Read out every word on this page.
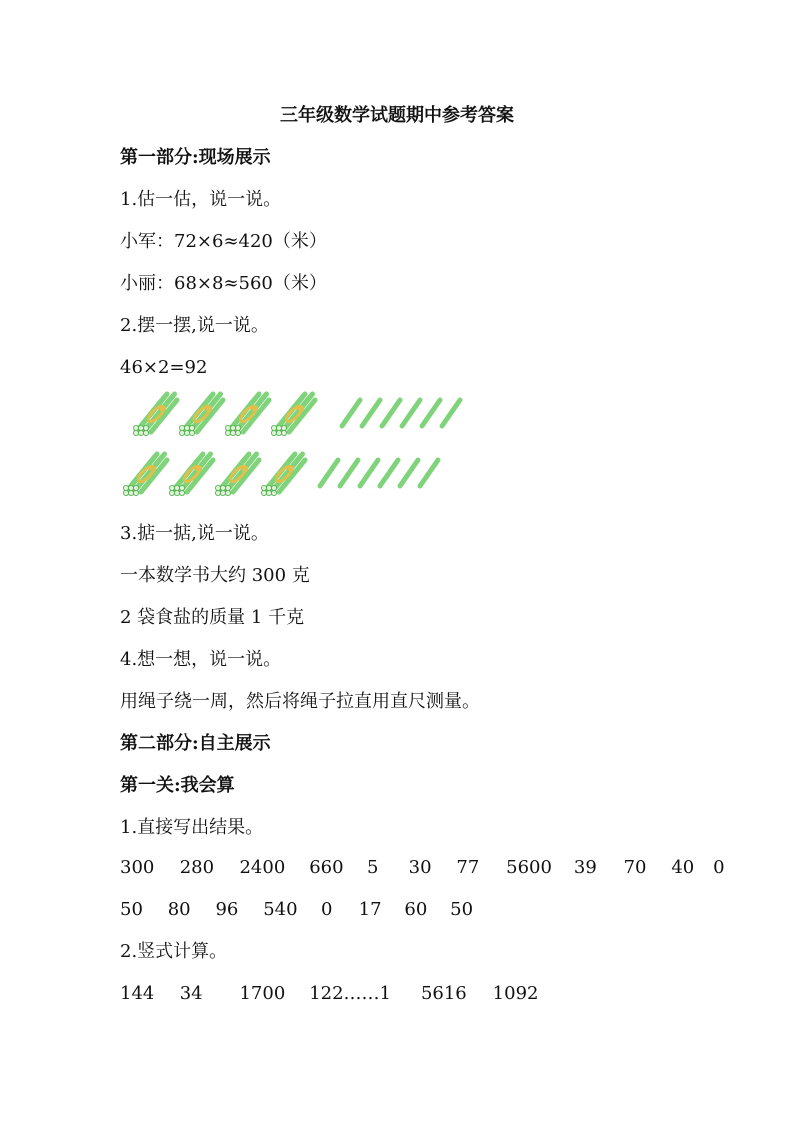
三年级数学试题期中参考答案
第一部分:现场展示
1.估一估，说一说。
小军：72×6≈420（米）
小丽：68×8≈560（米）
2.摆一摆,说一说。
46×2=92
3.掂一掂,说一说。
一本数学书大约 300 克
2 袋食盐的质量 1 千克
4.想一想，说一说。
用绳子绕一周，然后将绳子拉直用直尺测量。
第二部分:自主展示
第一关:我会算
1.直接写出结果。
300 280 2400 660 5 30 77 5600 39 70 40 0
50 80 96 540 0 17 60 50
2.竖式计算。
144 34 1700 122……1 5616 1092
